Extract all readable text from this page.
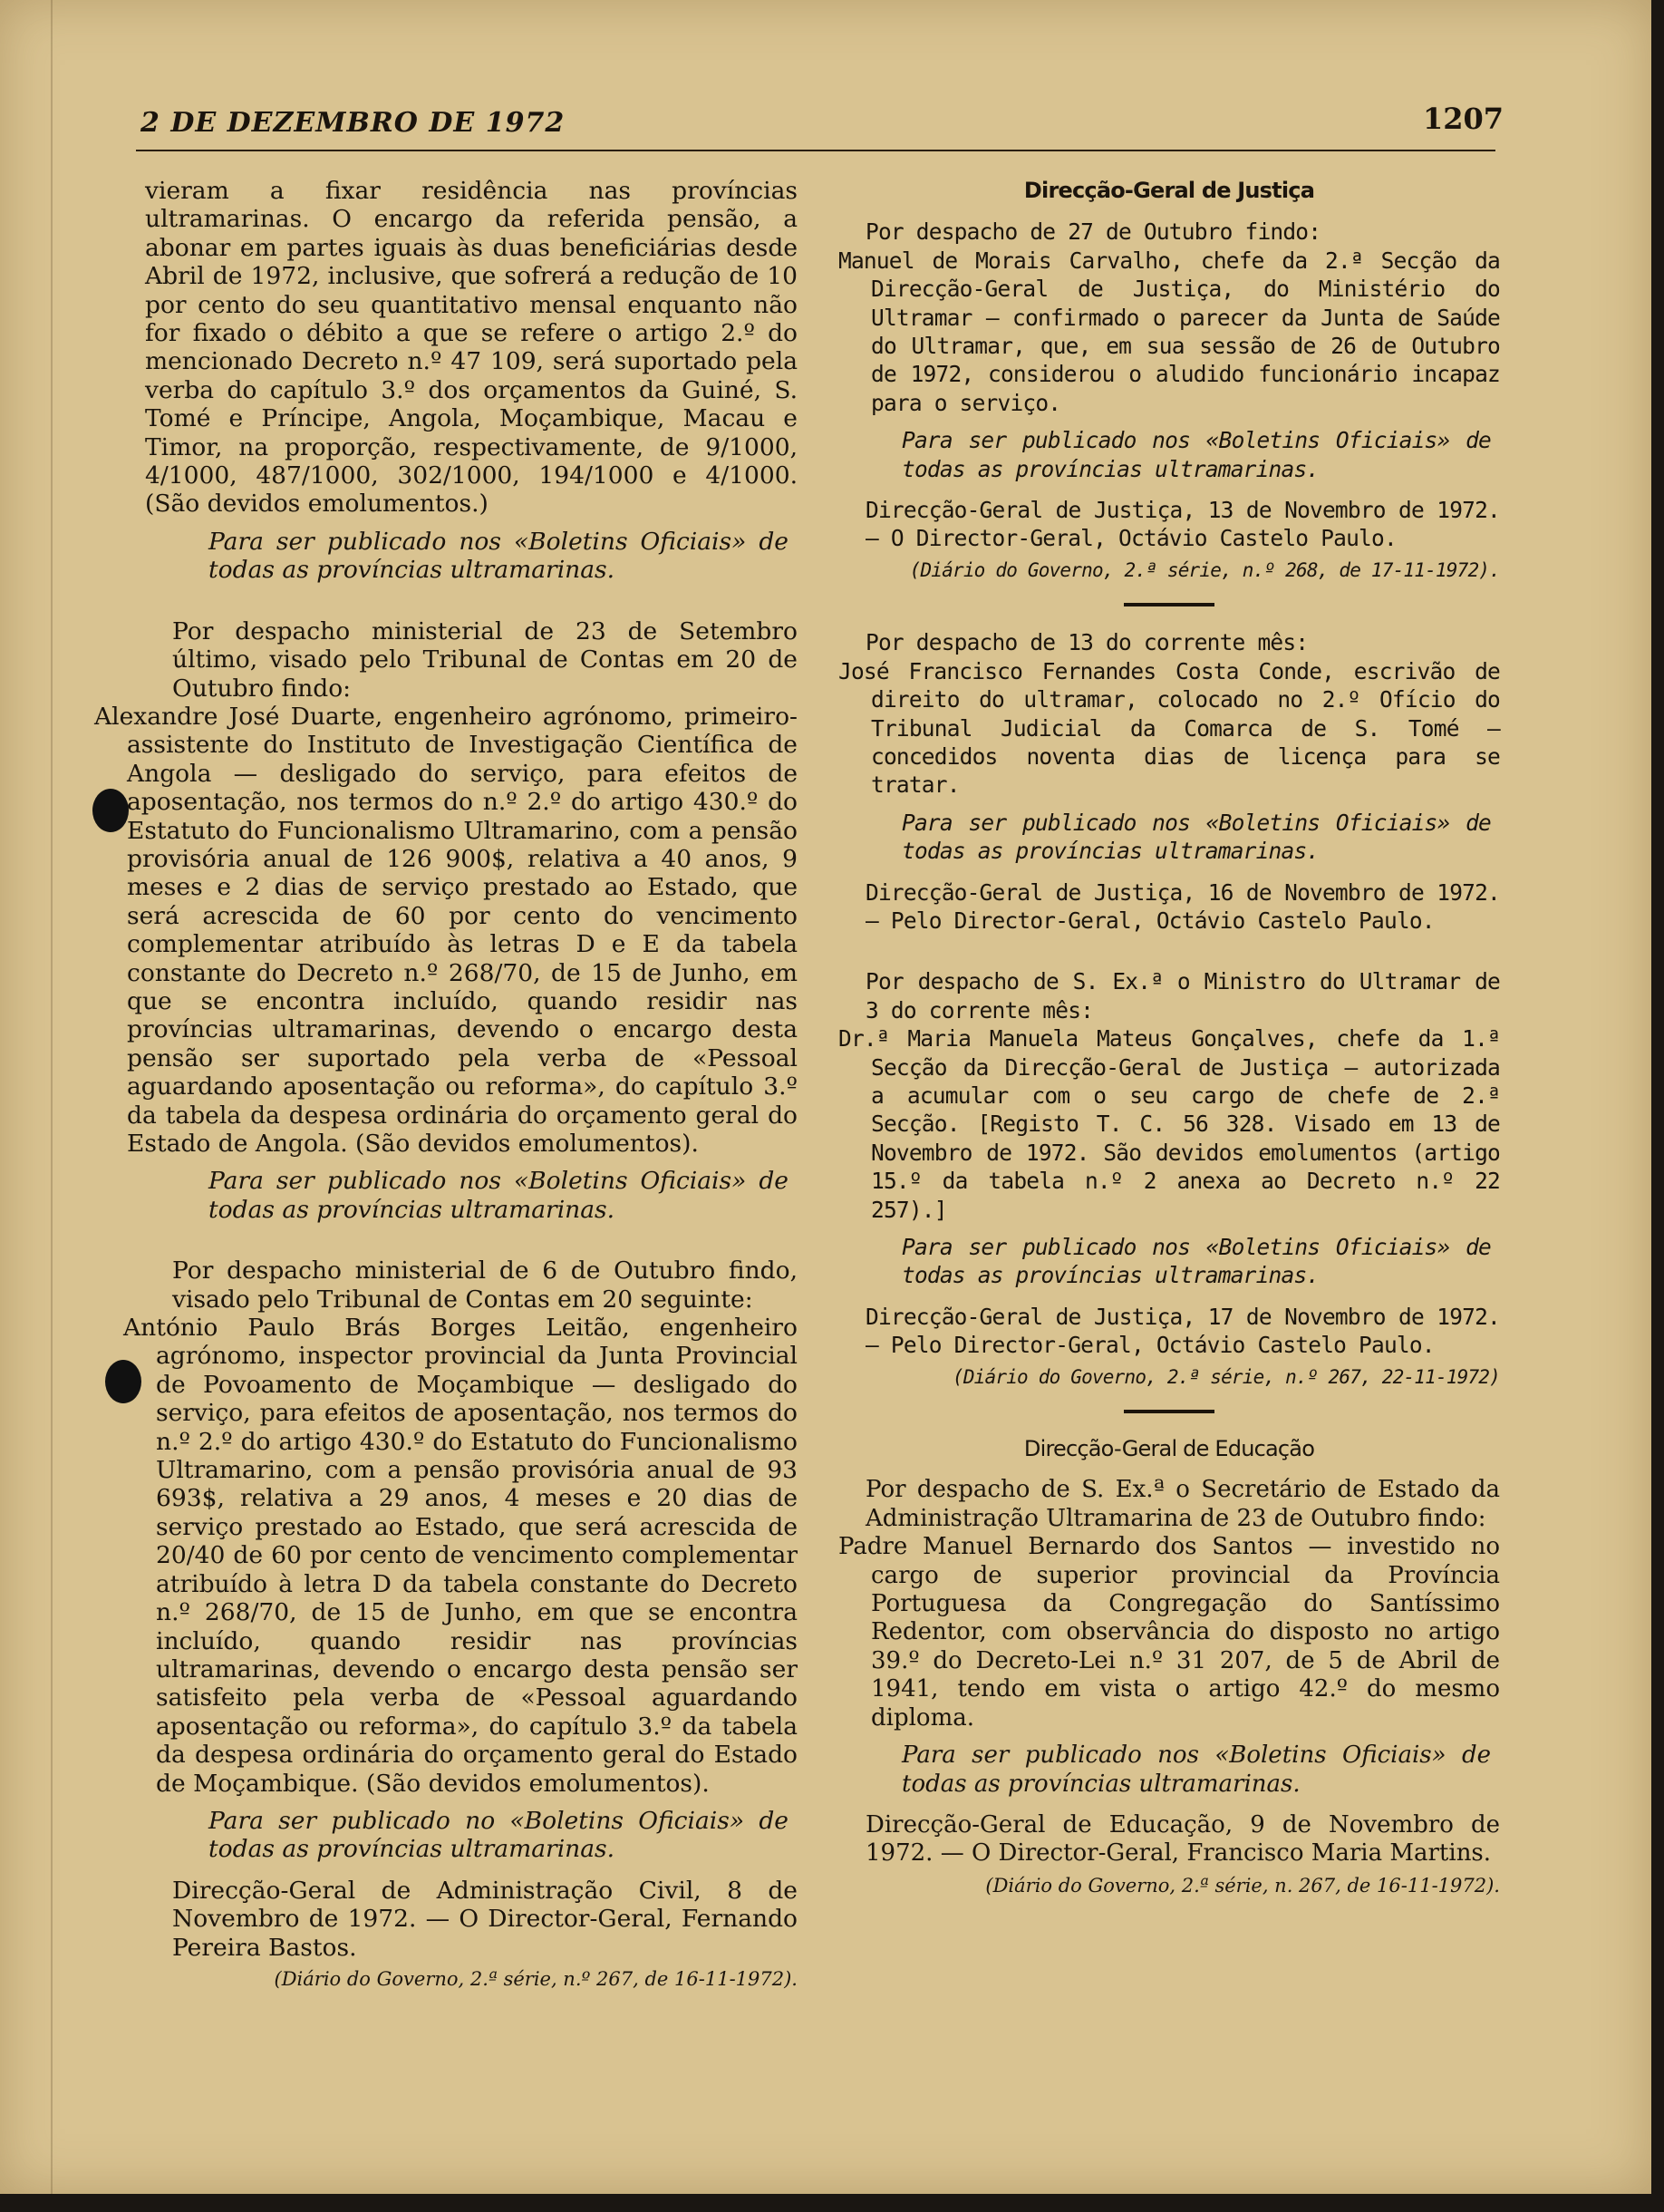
2 DE DEZEMBRO DE 1972	1207

vieram a fixar residência nas províncias ultramarinas. O encargo da referida pensão, a abonar em partes iguais às duas beneficiárias desde Abril de 1972, inclusive, que sofrerá a redução de 10 por cento do seu quantitativo mensal enquanto não for fixado o débito a que se refere o artigo 2.º do mencionado Decreto n.º 47 109, será suportado pela verba do capítulo 3.º dos orçamentos da Guiné, S. Tomé e Príncipe, Angola, Moçambique, Macau e Timor, na proporção, respectivamente, de 9/1000, 4/1000, 487/1000, 302/1000, 194/1000 e 4/1000. (São devidos emolumentos.)

Para ser publicado nos «Boletins Oficiais» de todas as províncias ultramarinas.

Por despacho ministerial de 23 de Setembro último, visado pelo Tribunal de Contas em 20 de Outubro findo:

Alexandre José Duarte, engenheiro agrónomo, primeiro-assistente do Instituto de Investigação Científica de Angola — desligado do serviço, para efeitos de aposentação, nos termos do n.º 2.º do artigo 430.º do Estatuto do Funcionalismo Ultramarino, com a pensão provisória anual de 126 900$, relativa a 40 anos, 9 meses e 2 dias de serviço prestado ao Estado, que será acrescida de 60 por cento do vencimento complementar atribuído às letras D e E da tabela constante do Decreto n.º 268/70, de 15 de Junho, em que se encontra incluído, quando residir nas províncias ultramarinas, devendo o encargo desta pensão ser suportado pela verba de «Pessoal aguardando aposentação ou reforma», do capítulo 3.º da tabela da despesa ordinária do orçamento geral do Estado de Angola. (São devidos emolumentos).

Para ser publicado nos «Boletins Oficiais» de todas as províncias ultramarinas.

Por despacho ministerial de 6 de Outubro findo, visado pelo Tribunal de Contas em 20 seguinte:

António Paulo Brás Borges Leitão, engenheiro agrónomo, inspector provincial da Junta Provincial de Povoamento de Moçambique — desligado do serviço, para efeitos de aposentação, nos termos do n.º 2.º do artigo 430.º do Estatuto do Funcionalismo Ultramarino, com a pensão provisória anual de 93 693$, relativa a 29 anos, 4 meses e 20 dias de serviço prestado ao Estado, que será acrescida de 20/40 de 60 por cento de vencimento complementar atribuído à letra D da tabela constante do Decreto n.º 268/70, de 15 de Junho, em que se encontra incluído, quando residir nas províncias ultramarinas, devendo o encargo desta pensão ser satisfeito pela verba de «Pessoal aguardando aposentação ou reforma», do capítulo 3.º da tabela da despesa ordinária do orçamento geral do Estado de Moçambique. (São devidos emolumentos).

Para ser publicado no «Boletins Oficiais» de todas as províncias ultramarinas.

Direcção-Geral de Administração Civil, 8 de Novembro de 1972. — O Director-Geral, Fernando Pereira Bastos.

(Diário do Governo, 2.ª série, n.º 267, de 16-11-1972).

Direcção-Geral de Justiça

Por despacho de 27 de Outubro findo:

Manuel de Morais Carvalho, chefe da 2.ª Secção da Direcção-Geral de Justiça, do Ministério do Ultramar — confirmado o parecer da Junta de Saúde do Ultramar, que, em sua sessão de 26 de Outubro de 1972, considerou o aludido funcionário incapaz para o serviço.

Para ser publicado nos «Boletins Oficiais» de todas as províncias ultramarinas.

Direcção-Geral de Justiça, 13 de Novembro de 1972. — O Director-Geral, Octávio Castelo Paulo.

(Diário do Governo, 2.ª série, n.º 268, de 17-11-1972).

Por despacho de 13 do corrente mês:

José Francisco Fernandes Costa Conde, escrivão de direito do ultramar, colocado no 2.º Ofício do Tribunal Judicial da Comarca de S. Tomé — concedidos noventa dias de licença para se tratar.

Para ser publicado nos «Boletins Oficiais» de todas as províncias ultramarinas.

Direcção-Geral de Justiça, 16 de Novembro de 1972. — Pelo Director-Geral, Octávio Castelo Paulo.

Por despacho de S. Ex.ª o Ministro do Ultramar de 3 do corrente mês:

Dr.ª Maria Manuela Mateus Gonçalves, chefe da 1.ª Secção da Direcção-Geral de Justiça — autorizada a acumular com o seu cargo de chefe de 2.ª Secção. [Registo T. C. 56 328. Visado em 13 de Novembro de 1972. São devidos emolumentos (artigo 15.º da tabela n.º 2 anexa ao Decreto n.º 22 257).]

Para ser publicado nos «Boletins Oficiais» de todas as províncias ultramarinas.

Direcção-Geral de Justiça, 17 de Novembro de 1972. — Pelo Director-Geral, Octávio Castelo Paulo.

(Diário do Governo, 2.ª série, n.º 267, 22-11-1972)

Direcção-Geral de Educação

Por despacho de S. Ex.ª o Secretário de Estado da Administração Ultramarina de 23 de Outubro findo:

Padre Manuel Bernardo dos Santos — investido no cargo de superior provincial da Província Portuguesa da Congregação do Santíssimo Redentor, com observância do disposto no artigo 39.º do Decreto-Lei n.º 31 207, de 5 de Abril de 1941, tendo em vista o artigo 42.º do mesmo diploma.

Para ser publicado nos «Boletins Oficiais» de todas as províncias ultramarinas.

Direcção-Geral de Educação, 9 de Novembro de 1972. — O Director-Geral, Francisco Maria Martins.

(Diário do Governo, 2.ª série, n. 267, de 16-11-1972).
